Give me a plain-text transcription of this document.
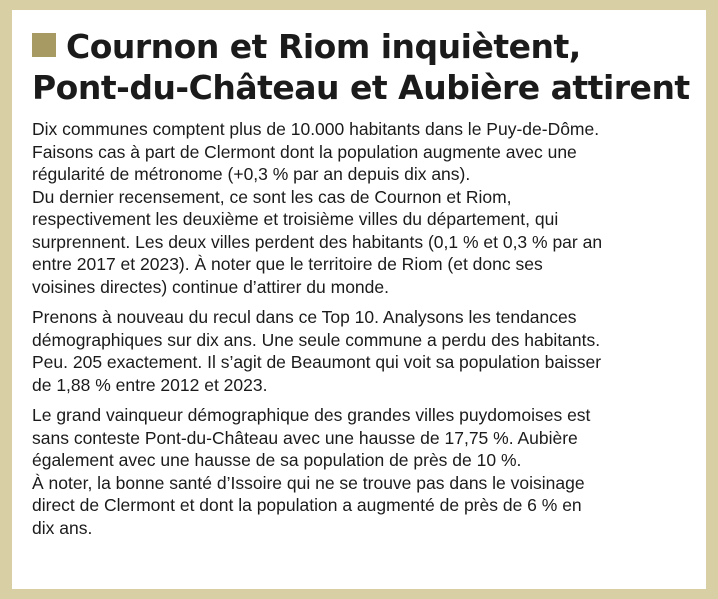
Cournon et Riom inquiètent,
Pont-du-Château et Aubière attirent

Dix communes comptent plus de 10.000 habitants dans le Puy-de-Dôme.
Faisons cas à part de Clermont dont la population augmente avec une
régularité de métronome (+0,3 % par an depuis dix ans).
Du dernier recensement, ce sont les cas de Cournon et Riom,
respectivement les deuxième et troisième villes du département, qui
surprennent. Les deux villes perdent des habitants (0,1 % et 0,3 % par an
entre 2017 et 2023). À noter que le territoire de Riom (et donc ses
voisines directes) continue d’attirer du monde.

Prenons à nouveau du recul dans ce Top 10. Analysons les tendances
démographiques sur dix ans. Une seule commune a perdu des habitants.
Peu. 205 exactement. Il s’agit de Beaumont qui voit sa population baisser
de 1,88 % entre 2012 et 2023.

Le grand vainqueur démographique des grandes villes puydomoises est
sans conteste Pont-du-Château avec une hausse de 17,75 %. Aubière
également avec une hausse de sa population de près de 10 %.
À noter, la bonne santé d’Issoire qui ne se trouve pas dans le voisinage
direct de Clermont et dont la population a augmenté de près de 6 % en
dix ans.
